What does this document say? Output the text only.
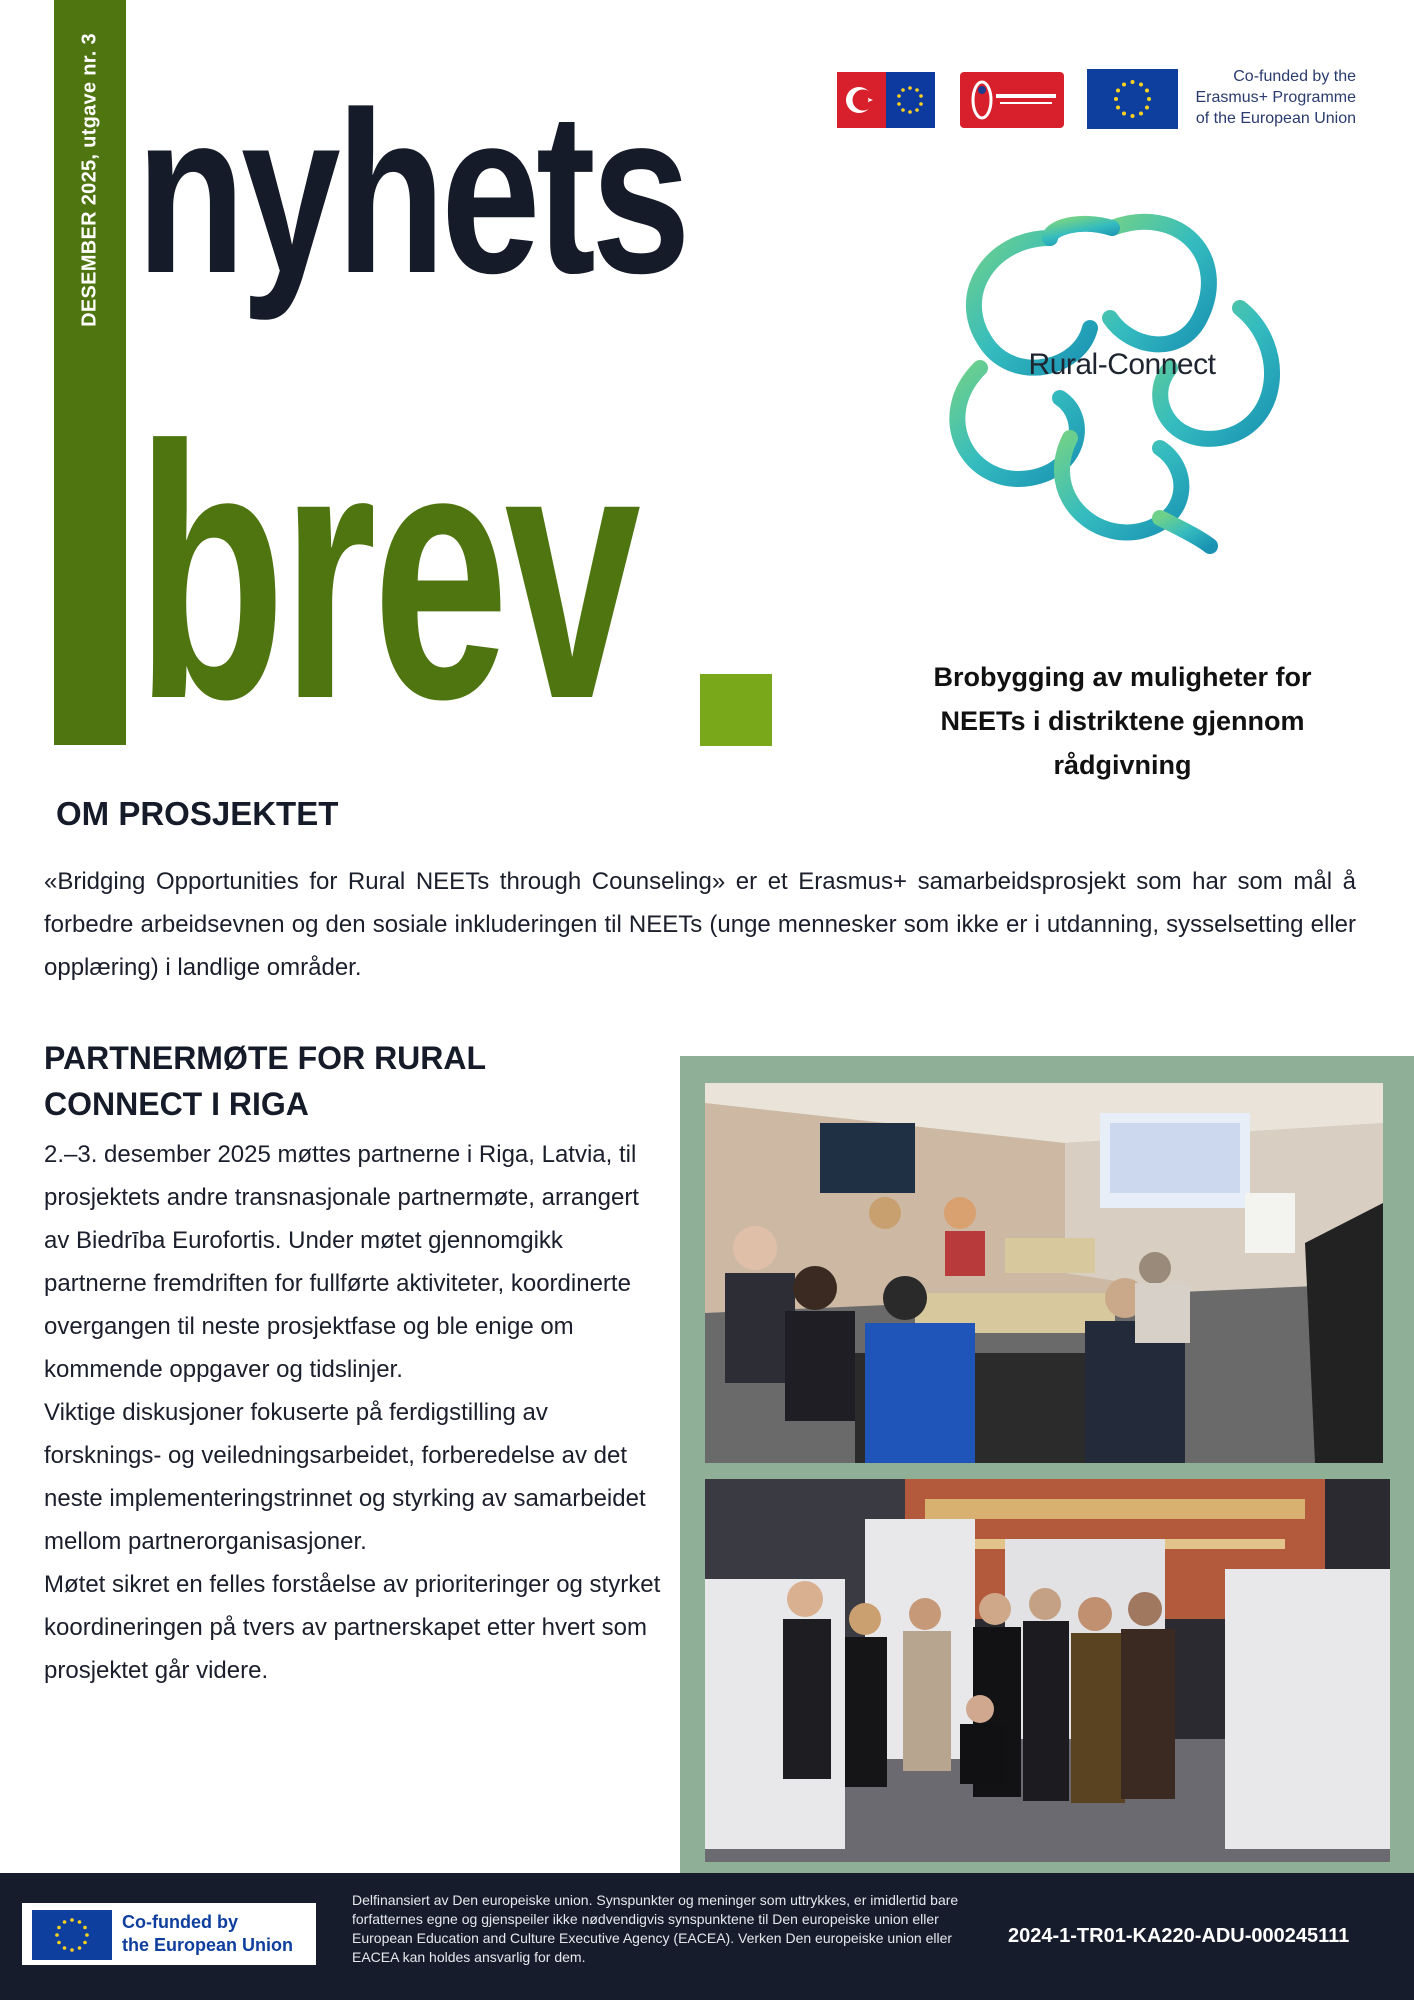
DESEMBER 2025, utgave nr. 3 nyhets
brev
Co-funded by the
Erasmus+ Programme
of the European Union
Rural-Connect
Brobygging av muligheter for NEETs i distriktene gjennom rådgivning
OM PROSJEKTET
«Bridging Opportunities for Rural NEETs through Counseling» er et Erasmus+ samarbeidsprosjekt som har som mål å forbedre arbeidsevnen og den sosiale inkluderingen til NEETs (unge mennesker som ikke er i utdanning, sysselsetting eller opplæring) i landlige områder.
PARTNERMØTE FOR RURAL CONNECT I RIGA

2.–3. desember 2025 møttes partnerne i Riga, Latvia, til prosjektets andre transnasjonale partnermøte, arrangert av Biedrība Eurofortis. Under møtet gjennomgikk partnerne fremdriften for fullførte aktiviteter, koordinerte overgangen til neste prosjektfase og ble enige om kommende oppgaver og tidslinjer.

Viktige diskusjoner fokuserte på ferdigstilling av forsknings- og veiledningsarbeidet, forberedelse av det neste implementeringstrinnet og styrking av samarbeidet mellom partnerorganisasjoner.

Møtet sikret en felles forståelse av prioriteringer og styrket koordineringen på tvers av partnerskapet etter hvert som prosjektet går videre.

Co-funded by
the European Union
Delfinansiert av Den europeiske union. Synspunkter og meninger som uttrykkes, er imidlertid bare forfatternes egne og gjenspeiler ikke nødvendigvis synspunktene til Den europeiske union eller European Education and Culture Executive Agency (EACEA). Verken Den europeiske union eller EACEA kan holdes ansvarlig for dem.
2024-1-TR01-KA220-ADU-000245111
